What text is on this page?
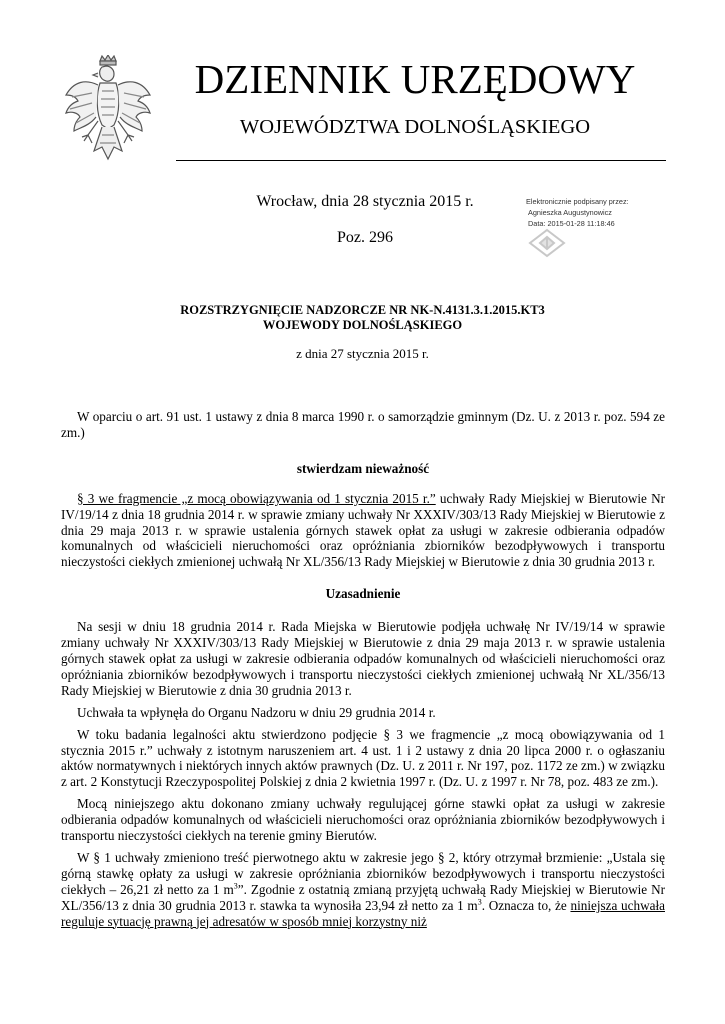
DZIENNIK URZĘDOWY
WOJEWÓDZTWA DOLNOŚLĄSKIEGO
Wrocław, dnia 28 stycznia 2015 r.
Poz. 296
Elektronicznie podpisany przez:
Agnieszka Augustynowicz
Data: 2015-01-28 11:18:46
ROZSTRZYGNIĘCIE NADZORCZE NR NK-N.4131.3.1.2015.KT3
WOJEWODY DOLNOŚLĄSKIEGO
z dnia 27 stycznia 2015 r.

W oparciu o art. 91 ust. 1 ustawy z dnia 8 marca 1990 r. o samorządzie gminnym (Dz. U. z 2013 r. poz. 594 ze zm.)

stwierdzam nieważność

§ 3 we fragmencie „z mocą obowiązywania od 1 stycznia 2015 r.” uchwały Rady Miejskiej w Bierutowie Nr IV/19/14 z dnia 18 grudnia 2014 r. w sprawie zmiany uchwały Nr XXXIV/303/13 Rady Miejskiej w Bierutowie z dnia 29 maja 2013 r. w sprawie ustalenia górnych stawek opłat za usługi w zakresie odbierania odpadów komunalnych od właścicieli nieruchomości oraz opróżniania zbiorników bezodpływowych i transportu nieczystości ciekłych zmienionej uchwałą Nr XL/356/13 Rady Miejskiej w Bierutowie z dnia 30 grudnia 2013 r.

Uzasadnienie

Na sesji w dniu 18 grudnia 2014 r. Rada Miejska w Bierutowie podjęła uchwałę Nr IV/19/14 w sprawie zmiany uchwały Nr XXXIV/303/13 Rady Miejskiej w Bierutowie z dnia 29 maja 2013 r. w sprawie ustalenia górnych stawek opłat za usługi w zakresie odbierania odpadów komunalnych od właścicieli nieruchomości oraz opróżniania zbiorników bezodpływowych i transportu nieczystości ciekłych zmienionej uchwałą Nr XL/356/13 Rady Miejskiej w Bierutowie z dnia 30 grudnia 2013 r.

Uchwała ta wpłynęła do Organu Nadzoru w dniu 29 grudnia 2014 r.

W toku badania legalności aktu stwierdzono podjęcie § 3 we fragmencie „z mocą obowiązywania od 1 stycznia 2015 r.” uchwały z istotnym naruszeniem art. 4 ust. 1 i 2 ustawy z dnia 20 lipca 2000 r. o ogłaszaniu aktów normatywnych i niektórych innych aktów prawnych (Dz. U. z 2011 r. Nr 197, poz. 1172 ze zm.) w związku z art. 2 Konstytucji Rzeczypospolitej Polskiej z dnia 2 kwietnia 1997 r. (Dz. U. z 1997 r. Nr 78, poz. 483 ze zm.).

Mocą niniejszego aktu dokonano zmiany uchwały regulującej górne stawki opłat za usługi w zakresie odbierania odpadów komunalnych od właścicieli nieruchomości oraz opróżniania zbiorników bezodpływowych i transportu nieczystości ciekłych na terenie gminy Bierutów.

W § 1 uchwały zmieniono treść pierwotnego aktu w zakresie jego § 2, który otrzymał brzmienie: „Ustala się górną stawkę opłaty za usługi w zakresie opróżniania zbiorników bezodpływowych i transportu nieczystości ciekłych – 26,21 zł netto za 1 $m^3$”. Zgodnie z ostatnią zmianą przyjętą uchwałą Rady Miejskiej w Bierutowie Nr XL/356/13 z dnia 30 grudnia 2013 r. stawka ta wynosiła 23,94 zł netto za 1 $m^3$. Oznacza to, że niniejsza uchwała reguluje sytuację prawną jej adresatów w sposób mniej korzystny niż
